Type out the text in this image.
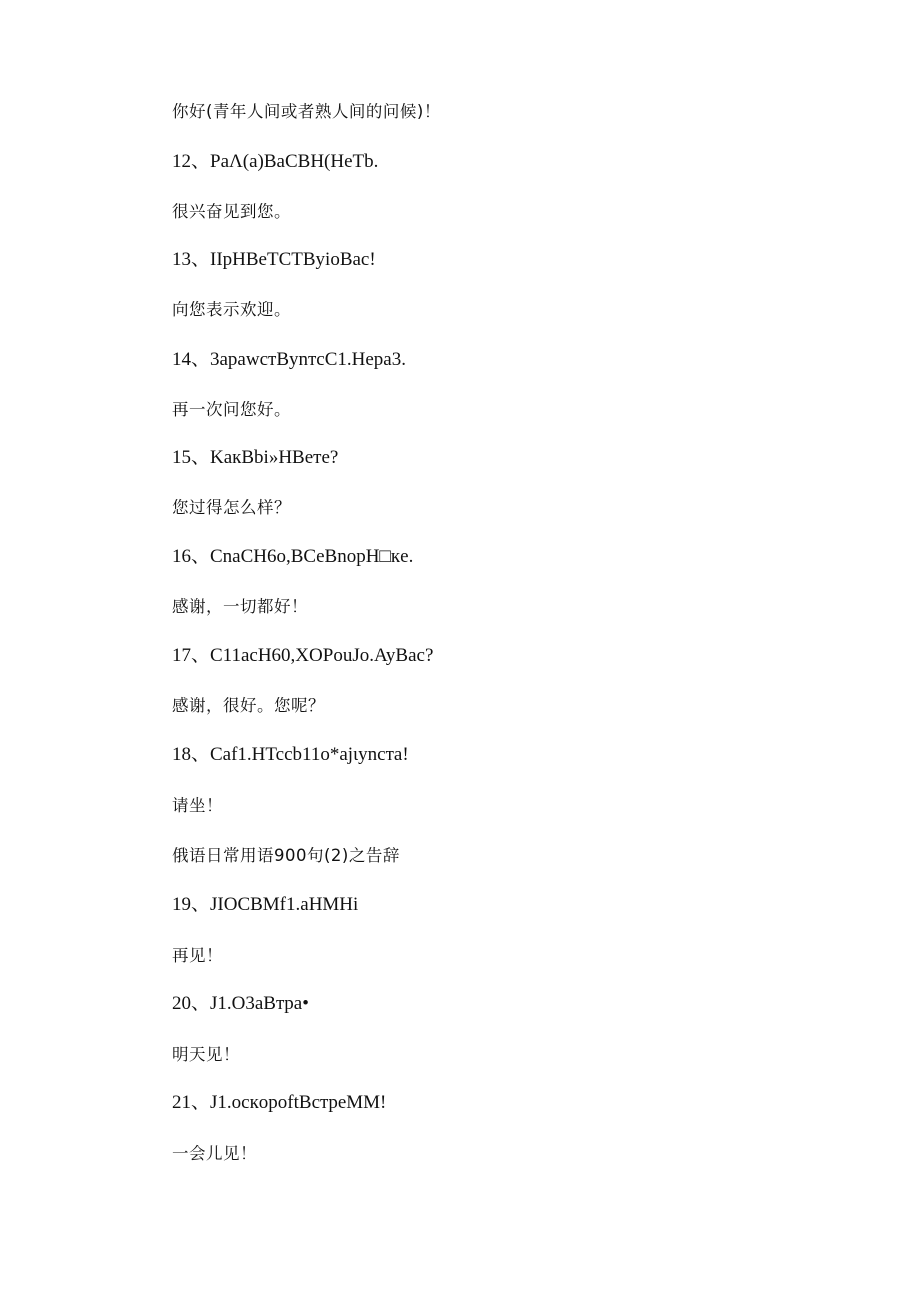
你好(青年人间或者熟人间的问候)！
12、PaΛ(a)BaCBH(HeTb.
很兴奋见到您。
13、IIpHBeTCTByioBac!
向您表示欢迎。
14、3apawcтBynтcC1.Hepa3.
再一次问您好。
15、KaкBbi»HBeтe?
您过得怎么样？
16、CnaCH6o,BCeBnopH□кe.
感谢，一切都好！
17、C11acH60,XOPouJo.AyBac?
感谢，很好。您呢？
18、Caf1.HTccb11o*ajιyncтa!
请坐！
俄语日常用语900句(2)之告辞
19、JIOCBMf1.aHMHi
再见！
20、J1.O3aBтpa•
明天见！
21、J1.ocкopoftBcтpeMM!
一会儿见！
